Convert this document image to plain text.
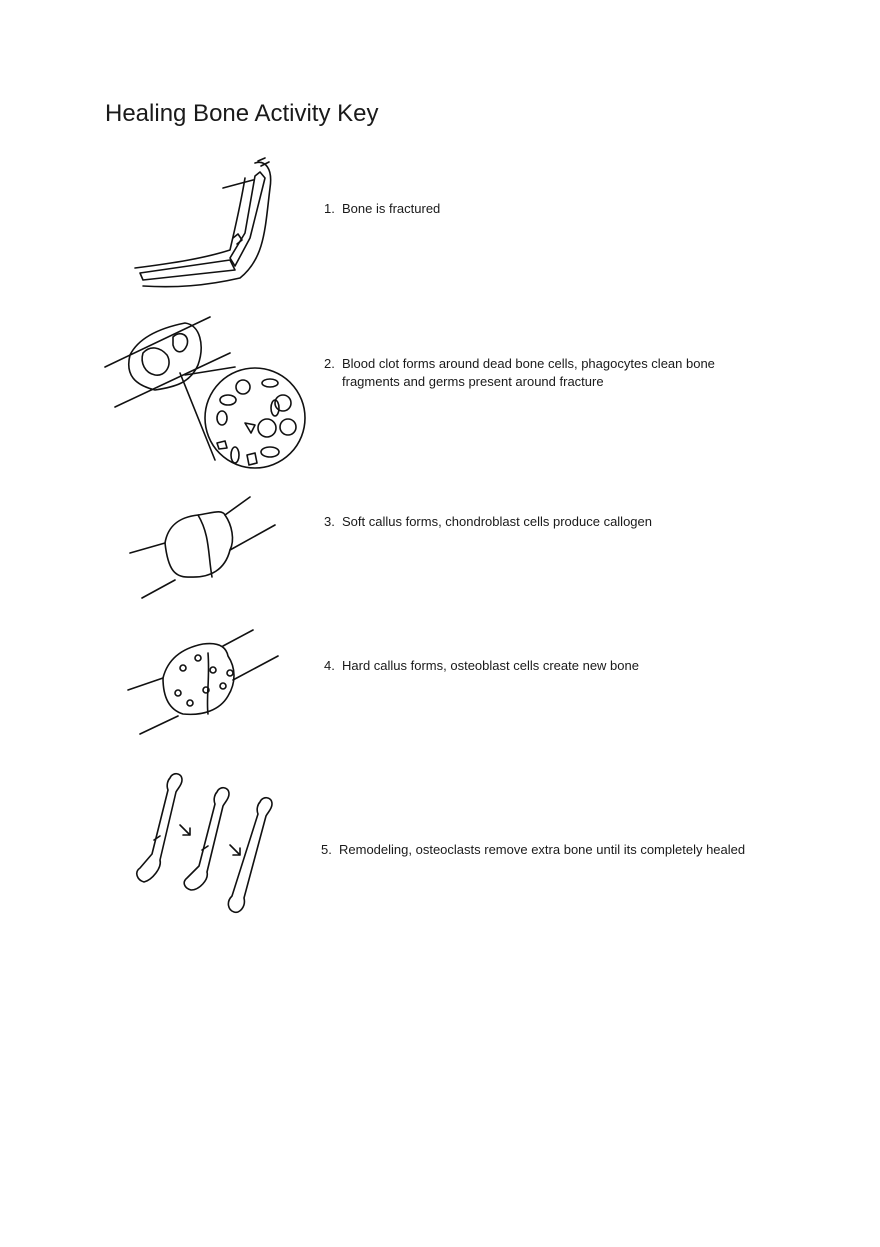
Healing Bone Activity Key
1. Bone is fractured
2. Blood clot forms around dead bone cells, phagocytes clean bone fragments and germs present around fracture
3. Soft callus forms, chondroblast cells produce callogen
4. Hard callus forms, osteoblast cells create new bone
5. Remodeling, osteoclasts remove extra bone until its completely healed
